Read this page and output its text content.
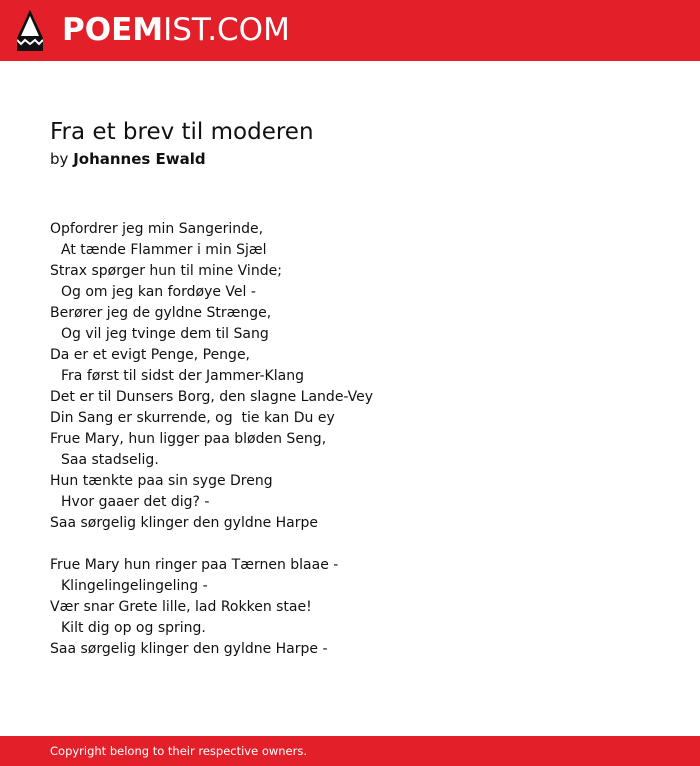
POEMIST.COM
Fra et brev til moderen
by Johannes Ewald
Opfordrer jeg min Sangerinde,
At tænde Flammer i min Sjæl
Strax spørger hun til mine Vinde;
Og om jeg kan fordøye Vel -
Berører jeg de gyldne Strænge,
Og vil jeg tvinge dem til Sang
Da er et evigt Penge, Penge,
Fra først til sidst der Jammer-Klang
Det er til Dunsers Borg, den slagne Lande-Vey
Din Sang er skurrende, og  tie kan Du ey
Frue Mary, hun ligger paa bløden Seng,
Saa stadselig.
Hun tænkte paa sin syge Dreng
Hvor gaaer det dig? -
Saa sørgelig klinger den gyldne Harpe
Frue Mary hun ringer paa Tærnen blaae -
Klingelingelingeling -
Vær snar Grete lille, lad Rokken stae!
Kilt dig op og spring.
Saa sørgelig klinger den gyldne Harpe -
Copyright belong to their respective owners.
